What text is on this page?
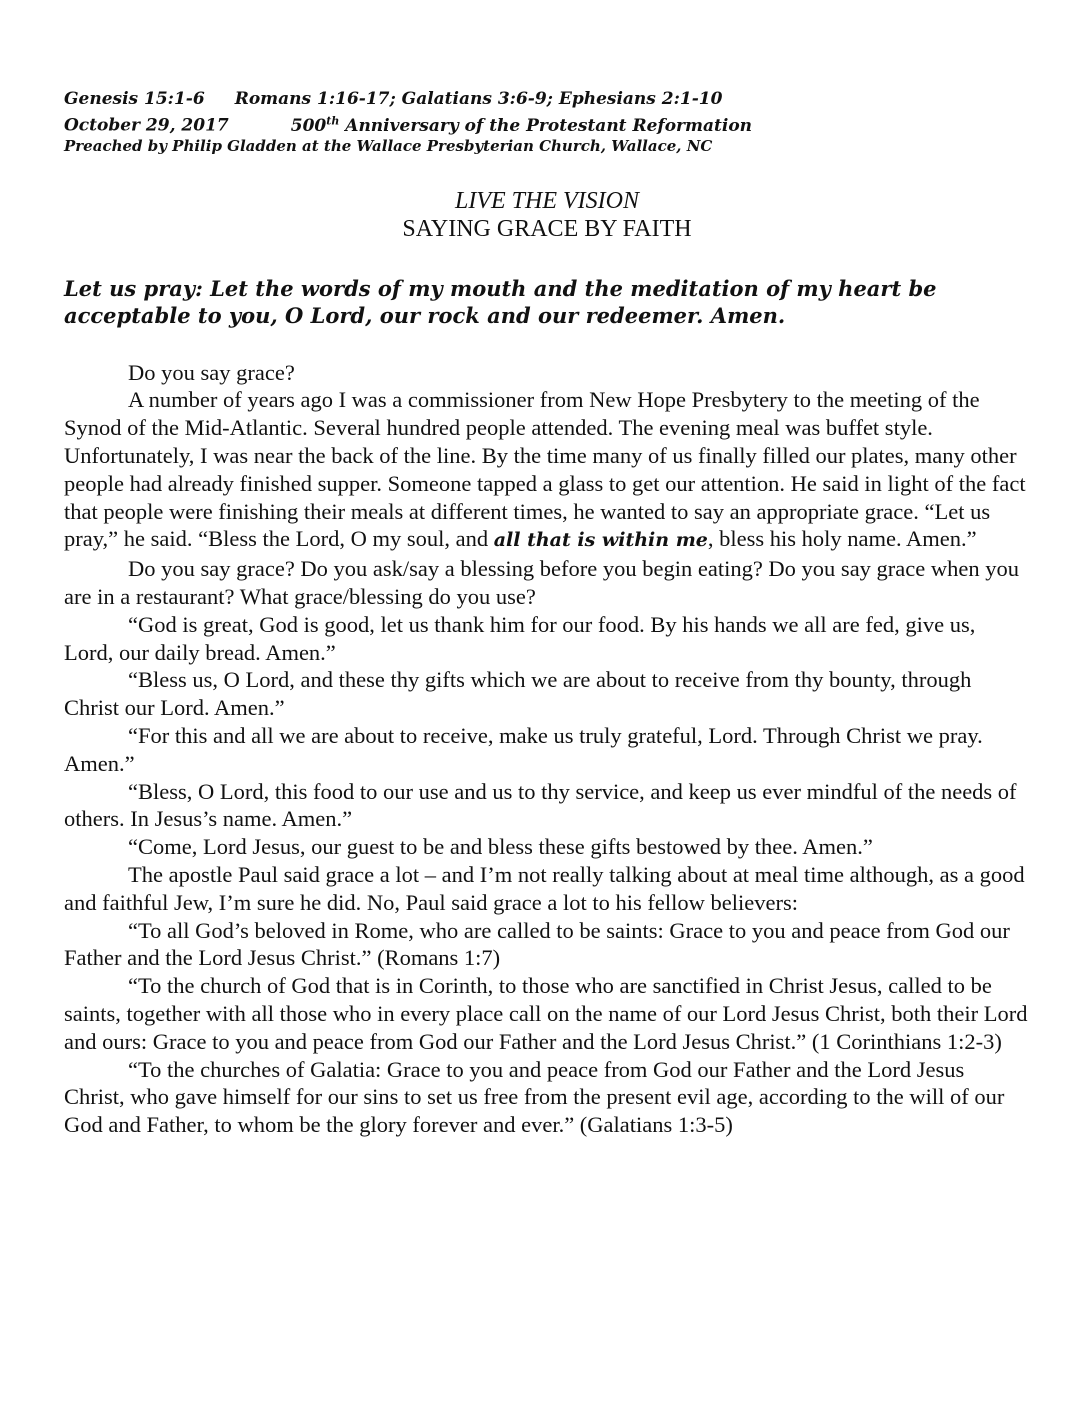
Genesis 15:1-6 Romans 1:16-17; Galatians 3:6-9; Ephesians 2:1-10
October 29, 2017	500th Anniversary of the Protestant Reformation
Preached by Philip Gladden at the Wallace Presbyterian Church, Wallace, NC
LIVE THE VISION
SAYING GRACE BY FAITH
Let us pray: Let the words of my mouth and the meditation of my heart be acceptable to you, O Lord, our rock and our redeemer. Amen.

Do you say grace?

A number of years ago I was a commissioner from New Hope Presbytery to the meeting of the Synod of the Mid-Atlantic. Several hundred people attended. The evening meal was buffet style. Unfortunately, I was near the back of the line. By the time many of us finally filled our plates, many other people had already finished supper. Someone tapped a glass to get our attention. He said in light of the fact that people were finishing their meals at different times, he wanted to say an appropriate grace. “Let us pray,” he said. “Bless the Lord, O my soul, and all that is within me, bless his holy name. Amen.”

Do you say grace? Do you ask/say a blessing before you begin eating? Do you say grace when you are in a restaurant? What grace/blessing do you use?

“God is great, God is good, let us thank him for our food. By his hands we all are fed, give us, Lord, our daily bread. Amen.”

“Bless us, O Lord, and these thy gifts which we are about to receive from thy bounty, through Christ our Lord. Amen.”

“For this and all we are about to receive, make us truly grateful, Lord. Through Christ we pray. Amen.”

“Bless, O Lord, this food to our use and us to thy service, and keep us ever mindful of the needs of others. In Jesus’s name. Amen.”

“Come, Lord Jesus, our guest to be and bless these gifts bestowed by thee. Amen.”

The apostle Paul said grace a lot – and I’m not really talking about at meal time although, as a good and faithful Jew, I’m sure he did. No, Paul said grace a lot to his fellow believers:

“To all God’s beloved in Rome, who are called to be saints: Grace to you and peace from God our Father and the Lord Jesus Christ.” (Romans 1:7)

“To the church of God that is in Corinth, to those who are sanctified in Christ Jesus, called to be saints, together with all those who in every place call on the name of our Lord Jesus Christ, both their Lord and ours: Grace to you and peace from God our Father and the Lord Jesus Christ.” (1 Corinthians 1:2-3)

“To the churches of Galatia: Grace to you and peace from God our Father and the Lord Jesus Christ, who gave himself for our sins to set us free from the present evil age, according to the will of our God and Father, to whom be the glory forever and ever.” (Galatians 1:3-5)
